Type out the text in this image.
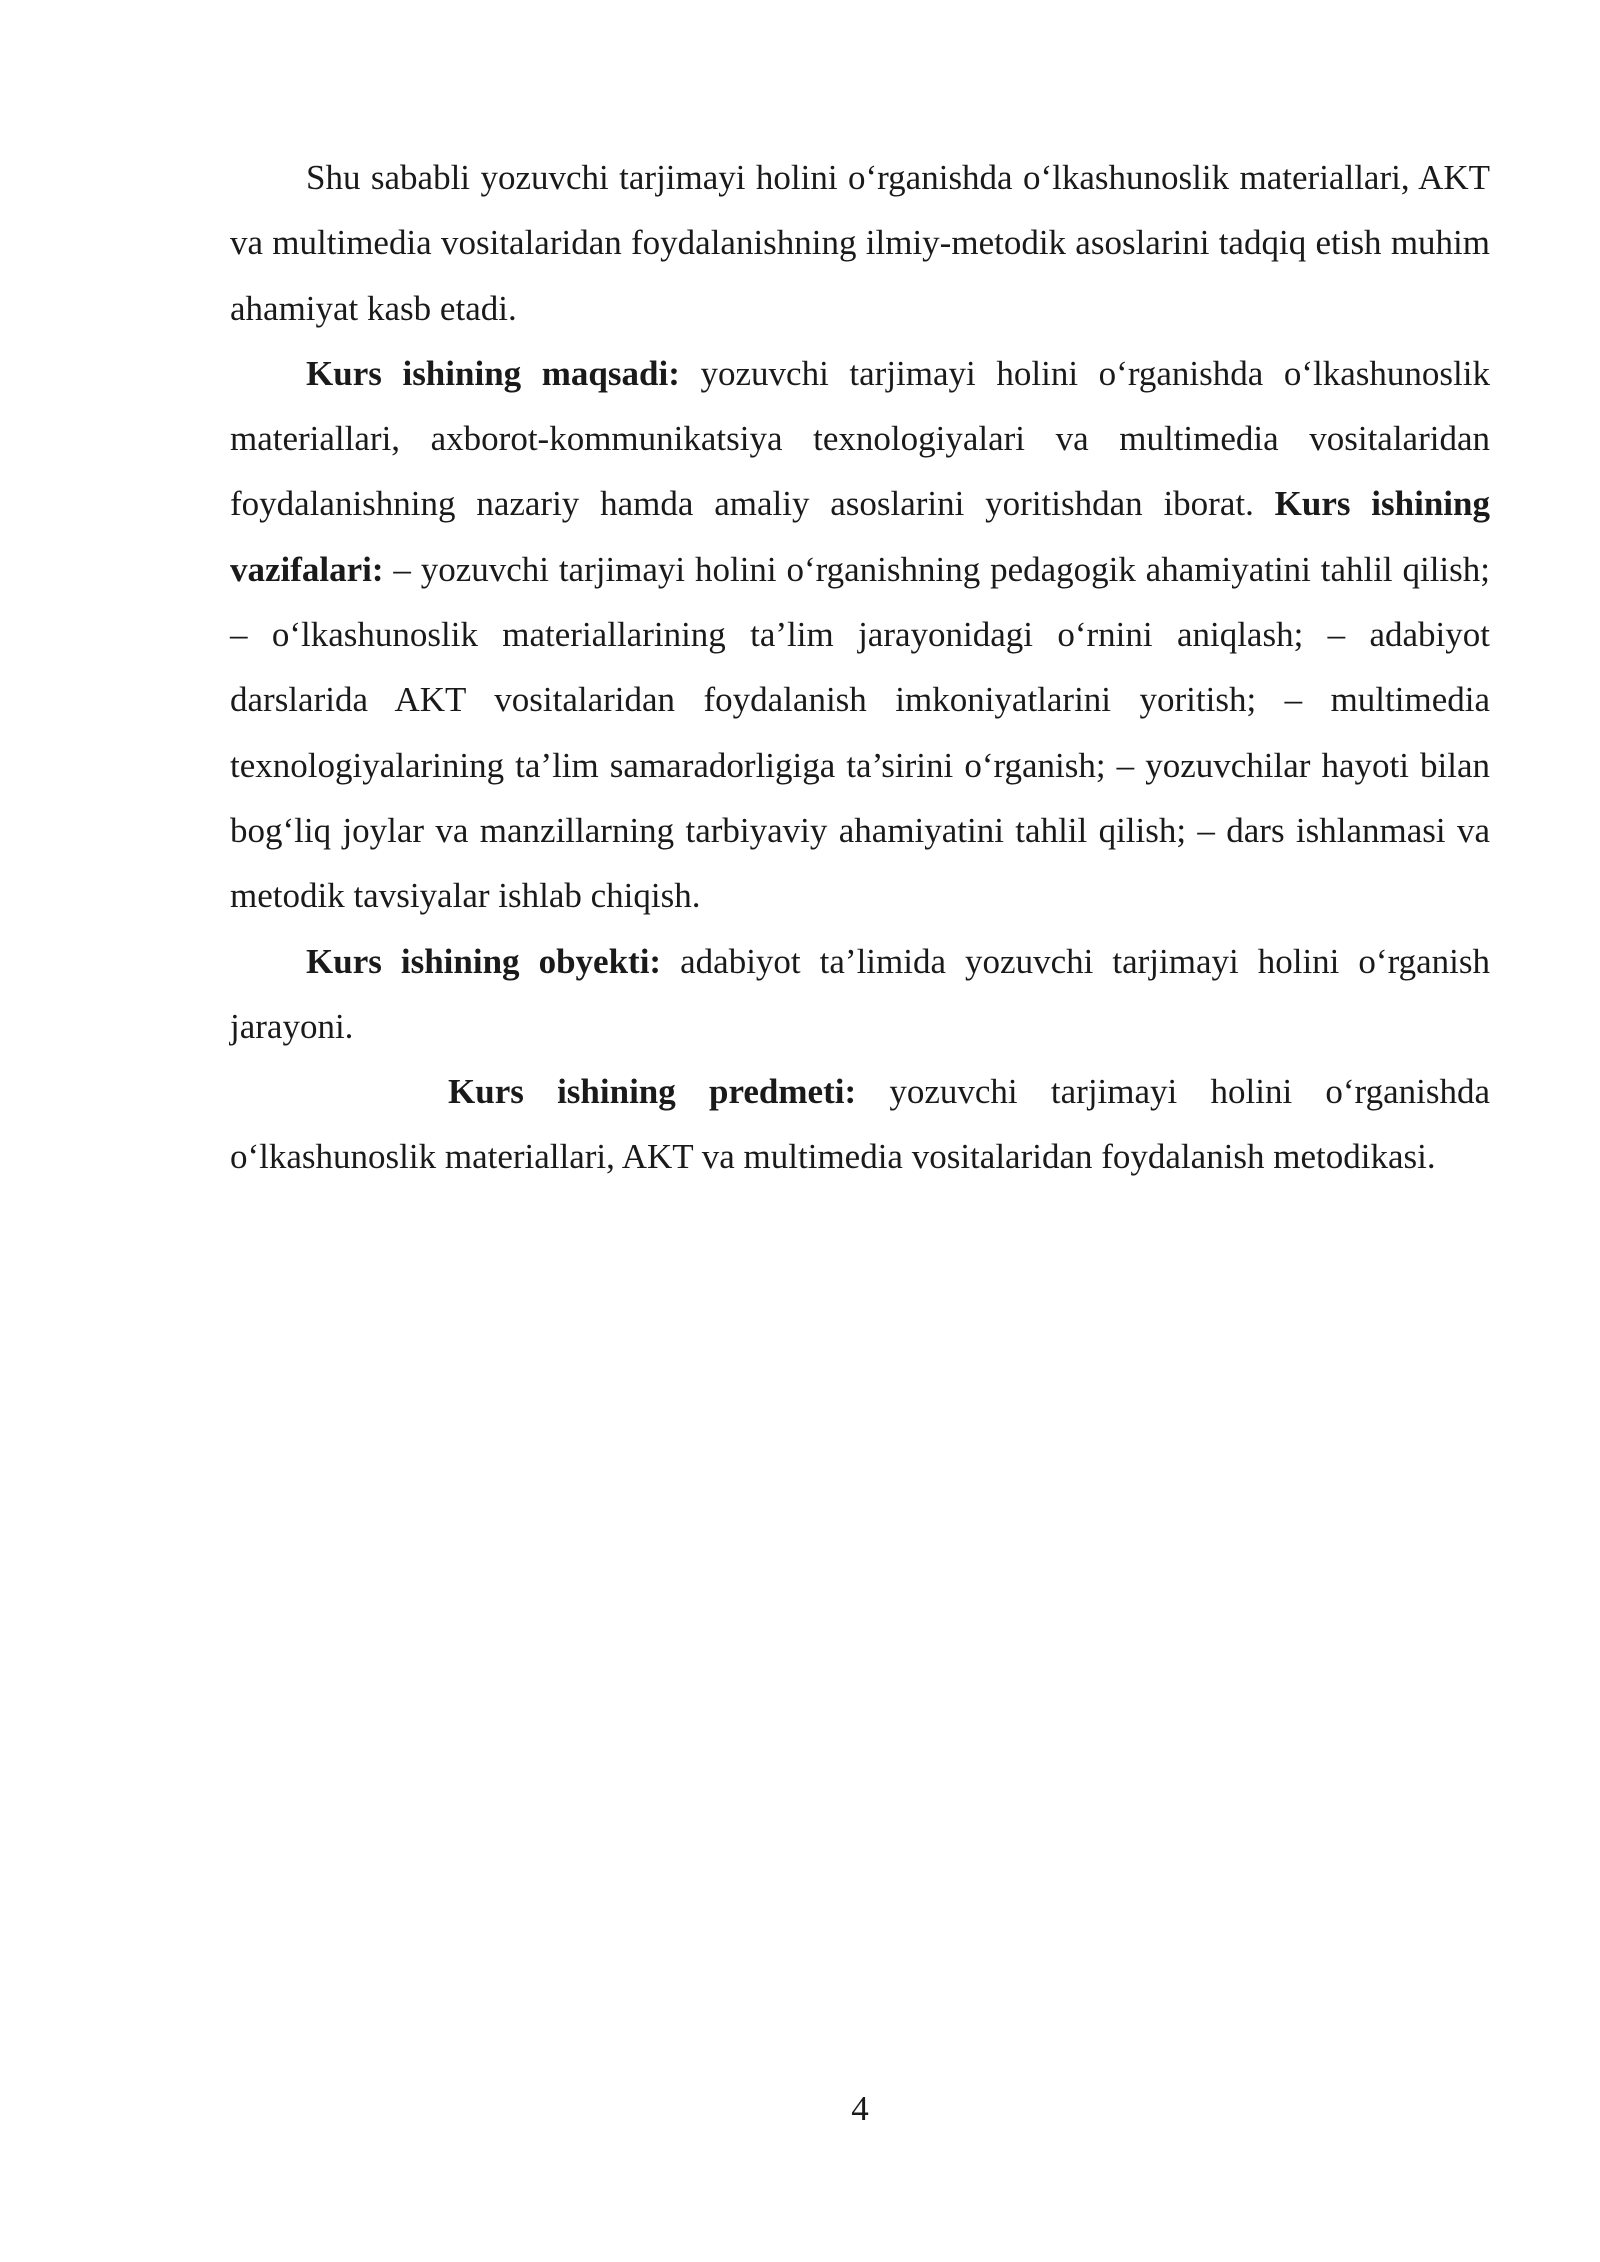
Shu sababli yozuvchi tarjimayi holini o‘rganishda o‘lkashunoslik materiallari, AKT va multimedia vositalaridan foydalanishning ilmiy-metodik asoslarini tadqiq etish muhim ahamiyat kasb etadi.

Kurs ishining maqsadi: yozuvchi tarjimayi holini o‘rganishda o‘lkashunoslik materiallari, axborot-kommunikatsiya texnologiyalari va multimedia vositalaridan foydalanishning nazariy hamda amaliy asoslarini yoritishdan iborat. Kurs ishining vazifalari: – yozuvchi tarjimayi holini o‘rganishning pedagogik ahamiyatini tahlil qilish; – o‘lkashunoslik materiallarining ta’lim jarayonidagi o‘rnini aniqlash; – adabiyot darslarida AKT vositalaridan foydalanish imkoniyatlarini yoritish; – multimedia texnologiyalarining ta’lim samaradorligiga ta’sirini o‘rganish; – yozuvchilar hayoti bilan bog‘liq joylar va manzillarning tarbiyaviy ahamiyatini tahlil qilish; – dars ishlanmasi va metodik tavsiyalar ishlab chiqish.

Kurs ishining obyekti: adabiyot ta’limida yozuvchi tarjimayi holini o‘rganish jarayoni.

Kurs ishining predmeti: yozuvchi tarjimayi holini o‘rganishda o‘lkashunoslik materiallari, AKT va multimedia vositalaridan foydalanish metodikasi.

4
